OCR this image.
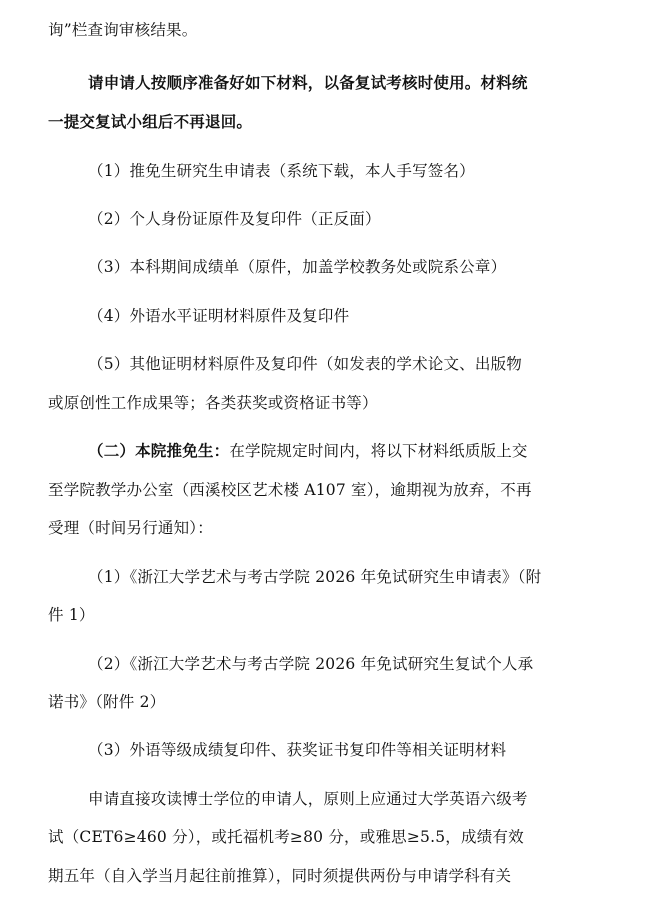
询”栏查询审核结果。
请申请人按顺序准备好如下材料，以备复试考核时使用。材料统
一提交复试小组后不再退回。
（1）推免生研究生申请表（系统下载，本人手写签名）
（2）个人身份证原件及复印件（正反面）
（3）本科期间成绩单（原件，加盖学校教务处或院系公章）
（4）外语水平证明材料原件及复印件
（5）其他证明材料原件及复印件（如发表的学术论文、出版物
或原创性工作成果等；各类获奖或资格证书等）
（二）本院推免生：在学院规定时间内，将以下材料纸质版上交
至学院教学办公室（西溪校区艺术楼 A107 室），逾期视为放弃，不再
受理（时间另行通知）：
（1）《浙江大学艺术与考古学院 2026 年免试研究生申请表》（附
件 1）
（2）《浙江大学艺术与考古学院 2026 年免试研究生复试个人承
诺书》（附件 2）
（3）外语等级成绩复印件、获奖证书复印件等相关证明材料
申请直接攻读博士学位的申请人，原则上应通过大学英语六级考
试（CET6≥460 分），或托福机考≥80 分，或雅思≥5.5，成绩有效
期五年（自入学当月起往前推算），同时须提供两份与申请学科有关
